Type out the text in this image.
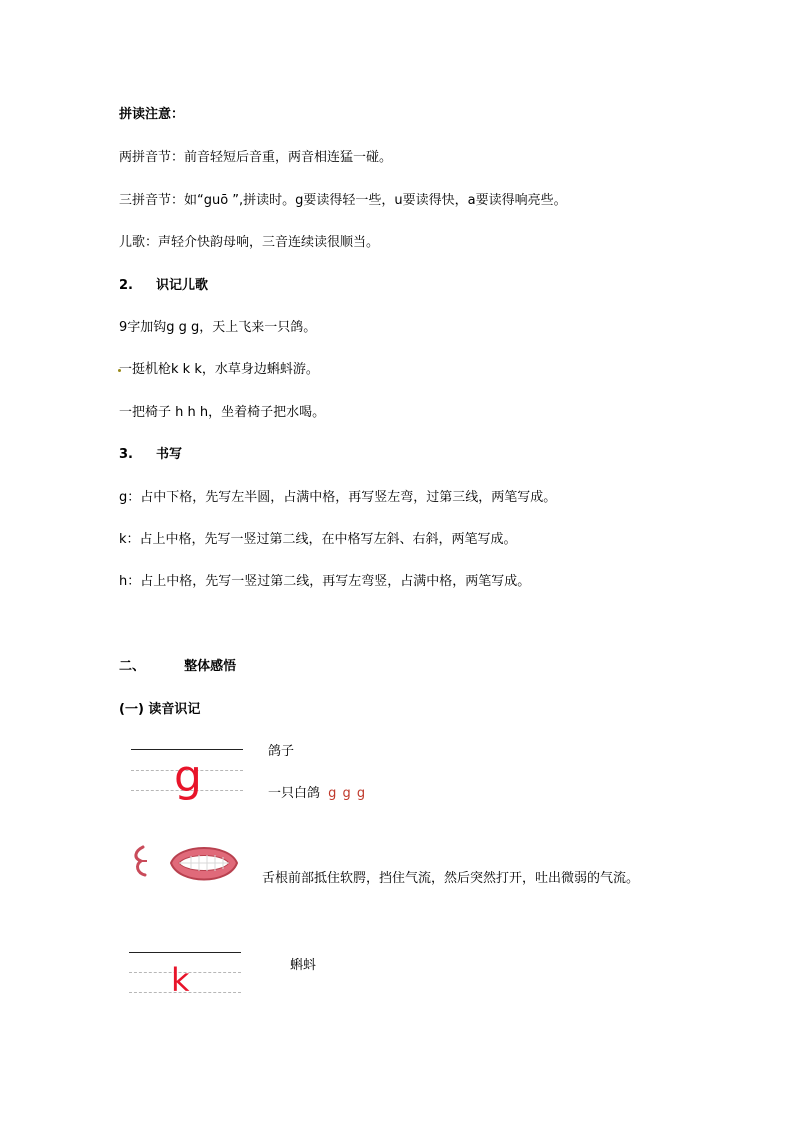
拼读注意：
两拼音节：前音轻短后音重，两音相连猛一碰。
三拼音节：如“guō ”,拼读时。g要读得轻一些，u要读得快，a要读得响亮些。
儿歌：声轻介快韵母响，三音连续读很顺当。
2. 识记儿歌
9字加钩g g g，天上飞来一只鸽。
一挺机枪k k k，水草身边蝌蚪游。
一把椅子 h h h，坐着椅子把水喝。
3. 书写
g：占中下格，先写左半圆，占满中格，再写竖左弯，过第三线，两笔写成。
k：占上中格，先写一竖过第二线，在中格写左斜、右斜，两笔写成。
h：占上中格，先写一竖过第二线，再写左弯竖，占满中格，两笔写成。
二、	整体感悟
(一) 读音识记
g	鸽子
一只白鸽 g g g
舌根前部抵住软腭，挡住气流，然后突然打开，吐出微弱的气流。
k	蝌蚪
